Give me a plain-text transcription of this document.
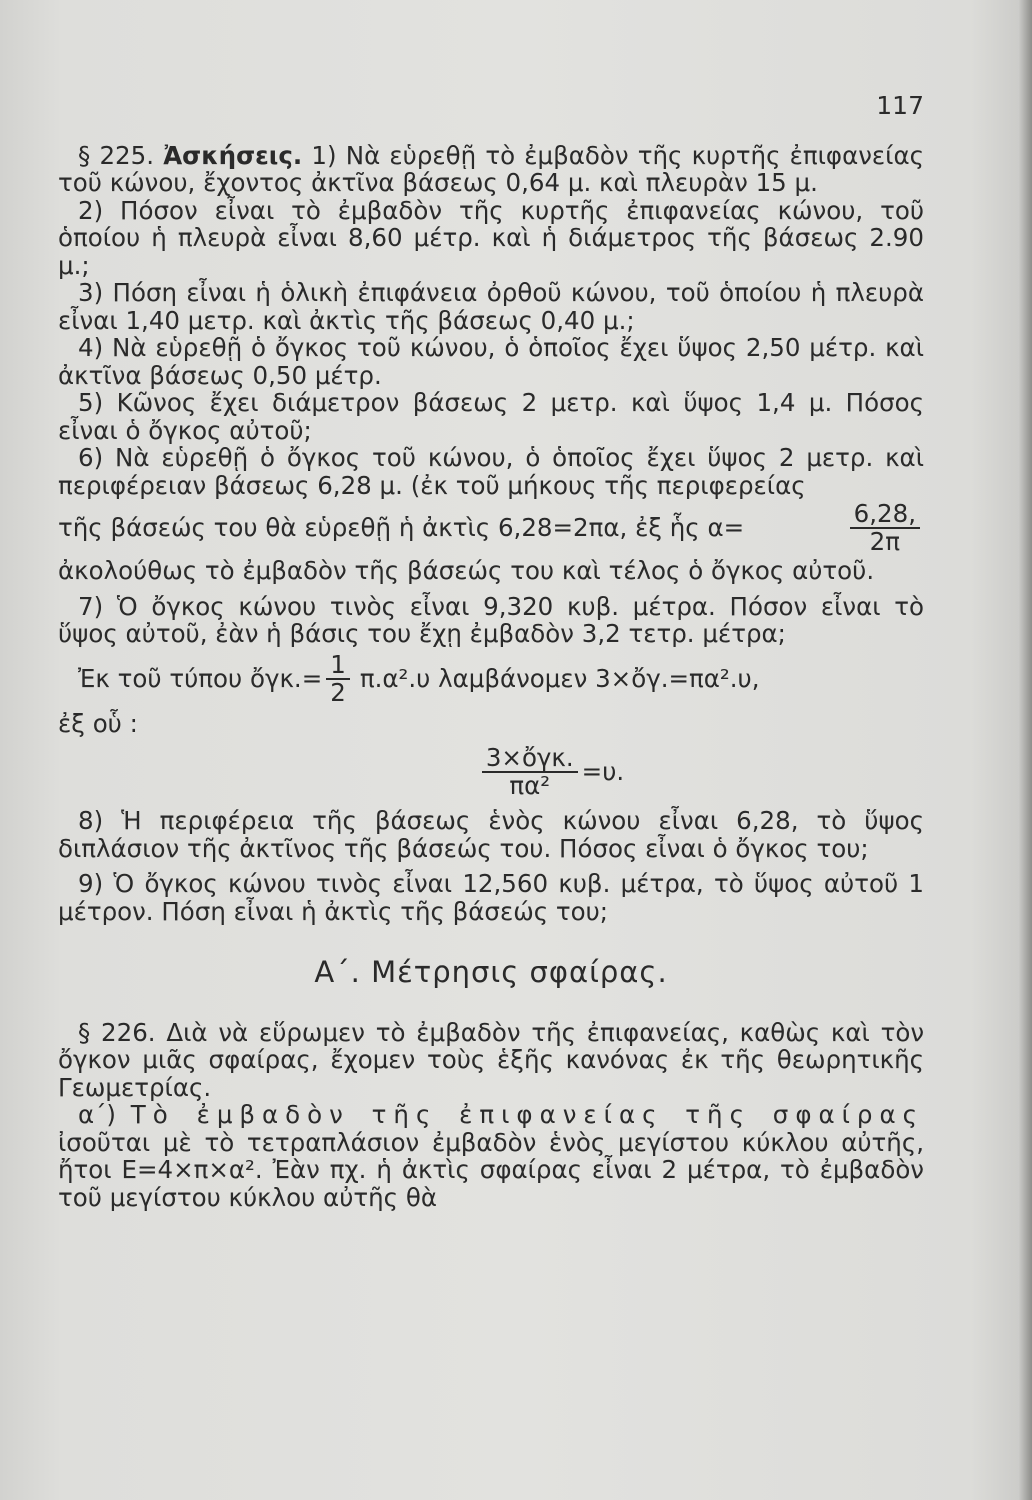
117

§ 225. Ἀσκήσεις. 1) Νὰ εὑρεθῇ τὸ ἐμβαδὸν τῆς κυρτῆς ἐπιφανείας τοῦ κώνου, ἔχοντος ἀκτῖνα βάσεως 0,64 μ. καὶ πλευρὰν 15 μ.

2) Πόσον εἶναι τὸ ἐμβαδὸν τῆς κυρτῆς ἐπιφανείας κώνου, τοῦ ὁποίου ἡ πλευρὰ εἶναι 8,60 μέτρ. καὶ ἡ διάμετρος τῆς βάσεως 2.90 μ.;

3) Πόση εἶναι ἡ ὁλικὴ ἐπιφάνεια ὀρθοῦ κώνου, τοῦ ὁποίου ἡ πλευρὰ εἶναι 1,40 μετρ. καὶ ἀκτὶς τῆς βάσεως 0,40 μ.;

4) Νὰ εὑρεθῇ ὁ ὄγκος τοῦ κώνου, ὁ ὁποῖος ἔχει ὕψος 2,50 μέτρ. καὶ ἀκτῖνα βάσεως 0,50 μέτρ.

5) Κῶνος ἔχει διάμετρον βάσεως 2 μετρ. καὶ ὕψος 1,4 μ. Πόσος εἶναι ὁ ὄγκος αὐτοῦ;

6) Νὰ εὑρεθῇ ὁ ὄγκος τοῦ κώνου, ὁ ὁποῖος ἔχει ὕψος 2 μετρ. καὶ περιφέρειαν βάσεως 6,28 μ. (ἐκ τοῦ μήκους τῆς περιφερείας

τῆς βάσεώς του θὰ εὑρεθῇ ἡ ἀκτὶς 6,28=2πα, ἐξ ἧς α=	$\frac{6,28,}{2\pi}$

ἀκολούθως τὸ ἐμβαδὸν τῆς βάσεώς του καὶ τέλος ὁ ὄγκος αὐτοῦ.

7) Ὁ ὄγκος κώνου τινὸς εἶναι 9,320 κυβ. μέτρα. Πόσον εἶναι τὸ ὕψος αὐτοῦ, ἐὰν ἡ βάσις του ἔχῃ ἐμβαδὸν 3,2 τετρ. μέτρα;

Ἐκ τοῦ τύπου ὄγκ.= $\frac{1}{2} \pi.\alpha^2.\upsilon$ λαμβάνομεν 3×ὄγ.=πα².υ,

ἐξ οὗ :

$\frac{\text{3×ὄγκ.}}{\text{πα²}} =\upsilon$.

8) Ἡ περιφέρεια τῆς βάσεως ἑνὸς κώνου εἶναι 6,28, τὸ ὕψος διπλάσιον τῆς ἀκτῖνος τῆς βάσεώς του. Πόσος εἶναι ὁ ὄγκος του;

9) Ὁ ὄγκος κώνου τινὸς εἶναι 12,560 κυβ. μέτρα, τὸ ὕψος αὐτοῦ 1 μέτρον. Πόση εἶναι ἡ ἀκτὶς τῆς βάσεώς του;

Α΄. Μέτρησις σφαίρας.

§ 226. Διὰ νὰ εὕρωμεν τὸ ἐμβαδὸν τῆς ἐπιφανείας, καθὼς καὶ τὸν ὄγκον μιᾶς σφαίρας, ἔχομεν τοὺς ἑξῆς κανόνας ἐκ τῆς θεωρητικῆς Γεωμετρίας.

α΄) Τὸ ἐμβαδὸν τῆς ἐπιφανείας τῆς σφαίρας ἰσοῦται μὲ τὸ τετραπλάσιον ἐμβαδὸν ἑνὸς μεγίστου κύκλου αὐτῆς, ἤτοι Ε=4×π×α². Ἐὰν πχ. ἡ ἀκτὶς σφαίρας εἶναι 2 μέτρα, τὸ ἐμβαδὸν τοῦ μεγίστου κύκλου αὐτῆς θὰ
